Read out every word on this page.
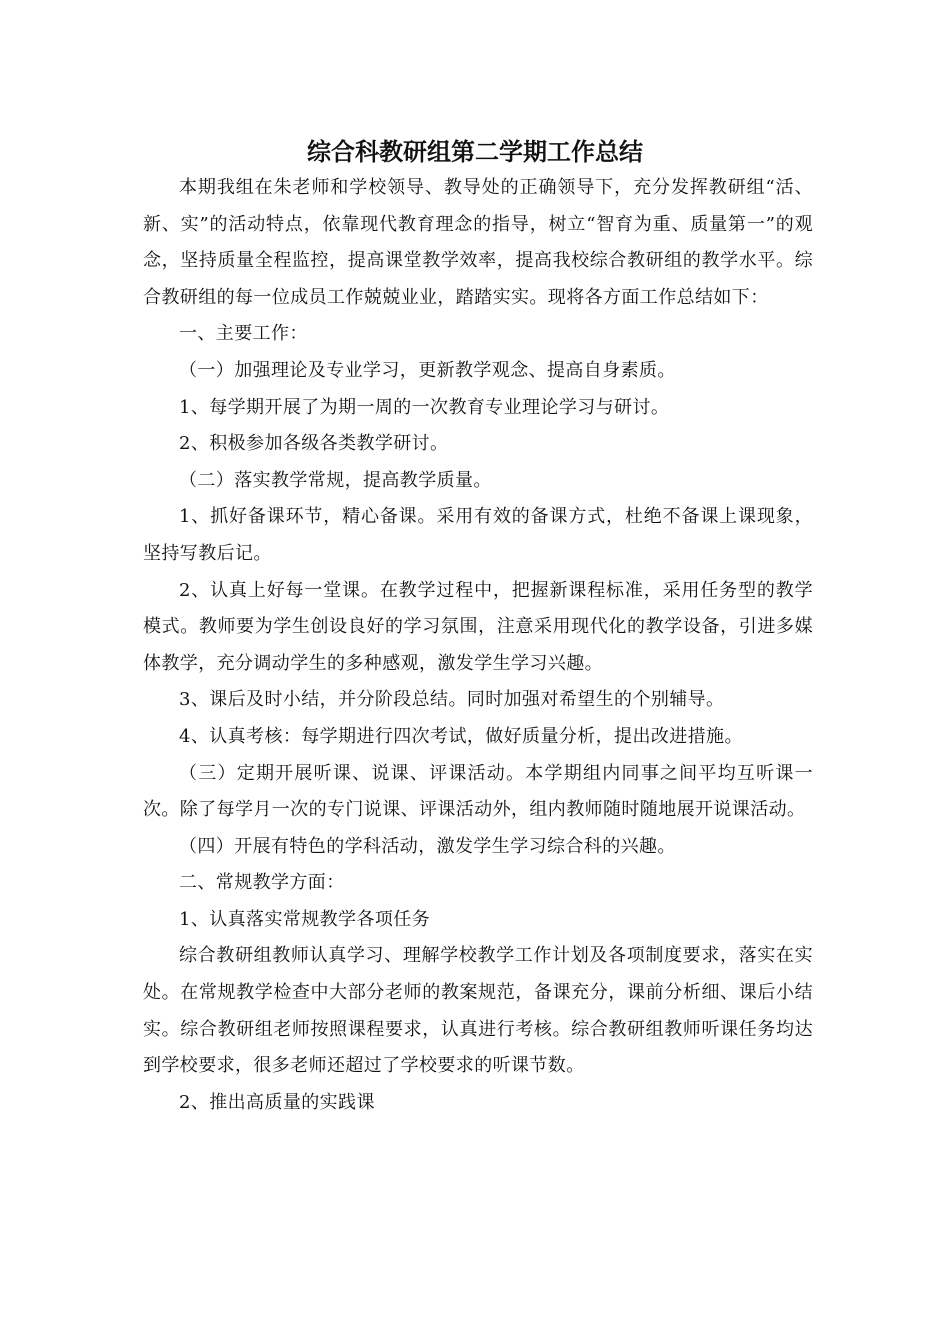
综合科教研组第二学期工作总结

本期我组在朱老师和学校领导、教导处的正确领导下，充分发挥教研组“活、新、实”的活动特点，依靠现代教育理念的指导，树立“智育为重、质量第一”的观念，坚持质量全程监控，提高课堂教学效率，提高我校综合教研组的教学水平。综合教研组的每一位成员工作兢兢业业，踏踏实实。现将各方面工作总结如下：

一、主要工作：

（一）加强理论及专业学习，更新教学观念、提高自身素质。

1、每学期开展了为期一周的一次教育专业理论学习与研讨。

2、积极参加各级各类教学研讨。

（二）落实教学常规，提高教学质量。

1、抓好备课环节，精心备课。采用有效的备课方式，杜绝不备课上课现象，坚持写教后记。

2、认真上好每一堂课。在教学过程中，把握新课程标准，采用任务型的教学模式。教师要为学生创设良好的学习氛围，注意采用现代化的教学设备，引进多媒体教学，充分调动学生的多种感观，激发学生学习兴趣。

3、课后及时小结，并分阶段总结。同时加强对希望生的个别辅导。

4、认真考核：每学期进行四次考试，做好质量分析，提出改进措施。

（三）定期开展听课、说课、评课活动。本学期组内同事之间平均互听课一次。除了每学月一次的专门说课、评课活动外，组内教师随时随地展开说课活动。

（四）开展有特色的学科活动，激发学生学习综合科的兴趣。

二、常规教学方面：

1、认真落实常规教学各项任务

综合教研组教师认真学习、理解学校教学工作计划及各项制度要求，落实在实处。在常规教学检查中大部分老师的教案规范，备课充分，课前分析细、课后小结实。综合教研组老师按照课程要求，认真进行考核。综合教研组教师听课任务均达到学校要求，很多老师还超过了学校要求的听课节数。

2、推出高质量的实践课
